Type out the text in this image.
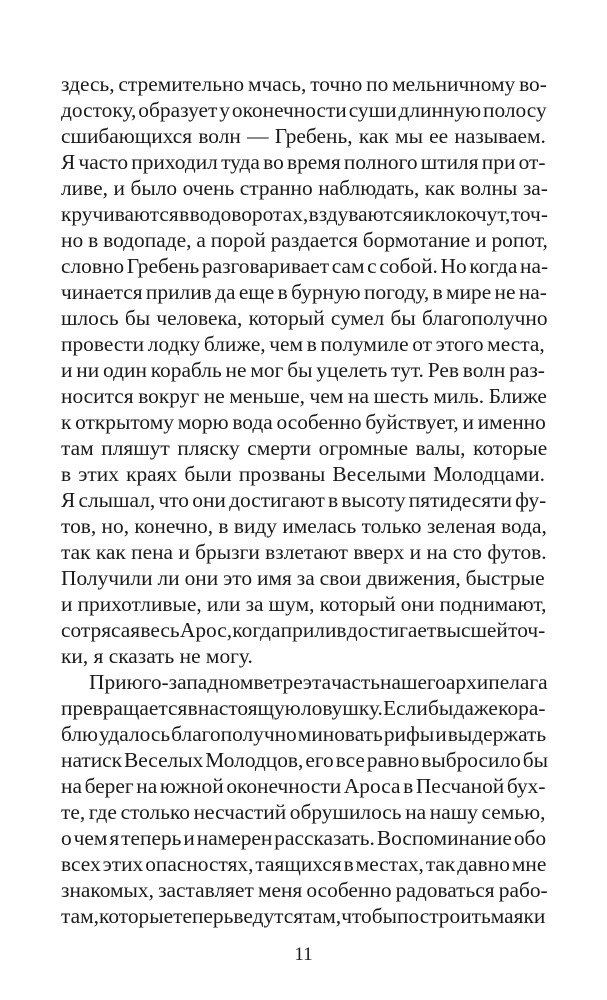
здесь, стремительно мчась, точно по мельничному во-
достоку, образует у оконечности суши длинную полосу
сшибающихся волн — Гребень, как мы ее называем.
Я часто приходил туда во время полного штиля при от-
ливе, и было очень странно наблюдать, как волны за-
кручиваются в водоворотах, вздуваются и клокочут, точ-
но в водопаде, а порой раздается бормотание и ропот,
словно Гребень разговаривает сам с собой. Но когда на-
чинается прилив да еще в бурную погоду, в мире не на-
шлось бы человека, который сумел бы благополучно
провести лодку ближе, чем в полумиле от этого места,
и ни один корабль не мог бы уцелеть тут. Рев волн раз-
носится вокруг не меньше, чем на шесть миль. Ближе
к открытому морю вода особенно буйствует, и именно
там пляшут пляску смерти огромные валы, которые
в этих краях были прозваны Веселыми Молодцами.
Я слышал, что они достигают в высоту пятидесяти фу-
тов, но, конечно, в виду имелась только зеленая вода,
так как пена и брызги взлетают вверх и на сто футов.
Получили ли они это имя за свои движения, быстрые
и прихотливые, или за шум, который они поднимают,
сотрясая весь Арос, когда прилив достигает высшей точ-
ки, я сказать не могу.
При юго-западном ветре эта часть нашего архипелага
превращается в настоящую ловушку. Если бы даже кора-
блю удалось благополучно миновать рифы и выдержать
натиск Веселых Молодцов, его все равно выбросило бы
на берег на южной оконечности Ароса в Песчаной бух-
те, где столько несчастий обрушилось на нашу семью,
о чем я теперь и намерен рассказать. Воспоминание обо
всех этих опасностях, таящихся в местах, так давно мне
знакомых, заставляет меня особенно радоваться рабо-
там, которые теперь ведутся там, чтобы построить маяки
11
